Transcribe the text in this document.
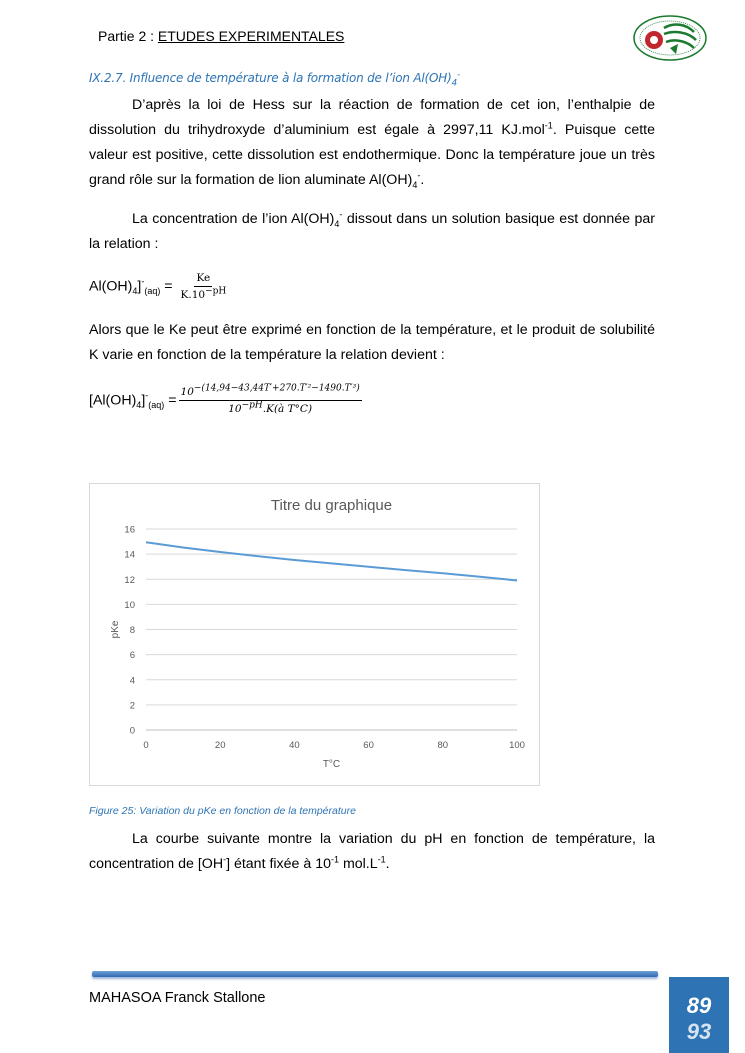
Partie 2 : ETUDES EXPERIMENTALES
IX.2.7. Influence de température à la formation de l’ion $Al(OH)_4^-$
D’après la loi de Hess sur la réaction de formation de cet ion, l’enthalpie de dissolution du trihydroxyde d’aluminium est égale à 2997,11 KJ.mol$^{-1}$. Puisque cette valeur est positive, cette dissolution est endothermique. Donc la température joue un très grand rôle sur la formation de lion aluminate $Al(OH)_4^-$.
La concentration de l’ion $Al(OH)_4^-$ dissout dans un solution basique est donnée par la relation :
$Al(OH)_4]^-_{(aq)} = \frac{Ke}{K.10^{-pH}}$
Alors que le Ke peut être exprimé en fonction de la température, et le produit de solubilité K varie en fonction de la température la relation devient :
$[Al(OH)_4]^-_{(aq)} = \frac{10^{-(14,94-43,44T'+270.T'^2-1490.T'^3)}}{10^{-pH}.K(à T^\circ C)}$
Titre du graphique
0
2
4
6
8
10
12
14
16
0	20	40	60	80	100
T°C
pKe
Figure 25: Variation du pKe en fonction de la température
La courbe suivante montre la variation du pH en fonction de température, la concentration de [OH-] étant fixée à $10^{-1}$ $mol.L^{-1}$.
MAHASOA Franck Stallone	89
93
